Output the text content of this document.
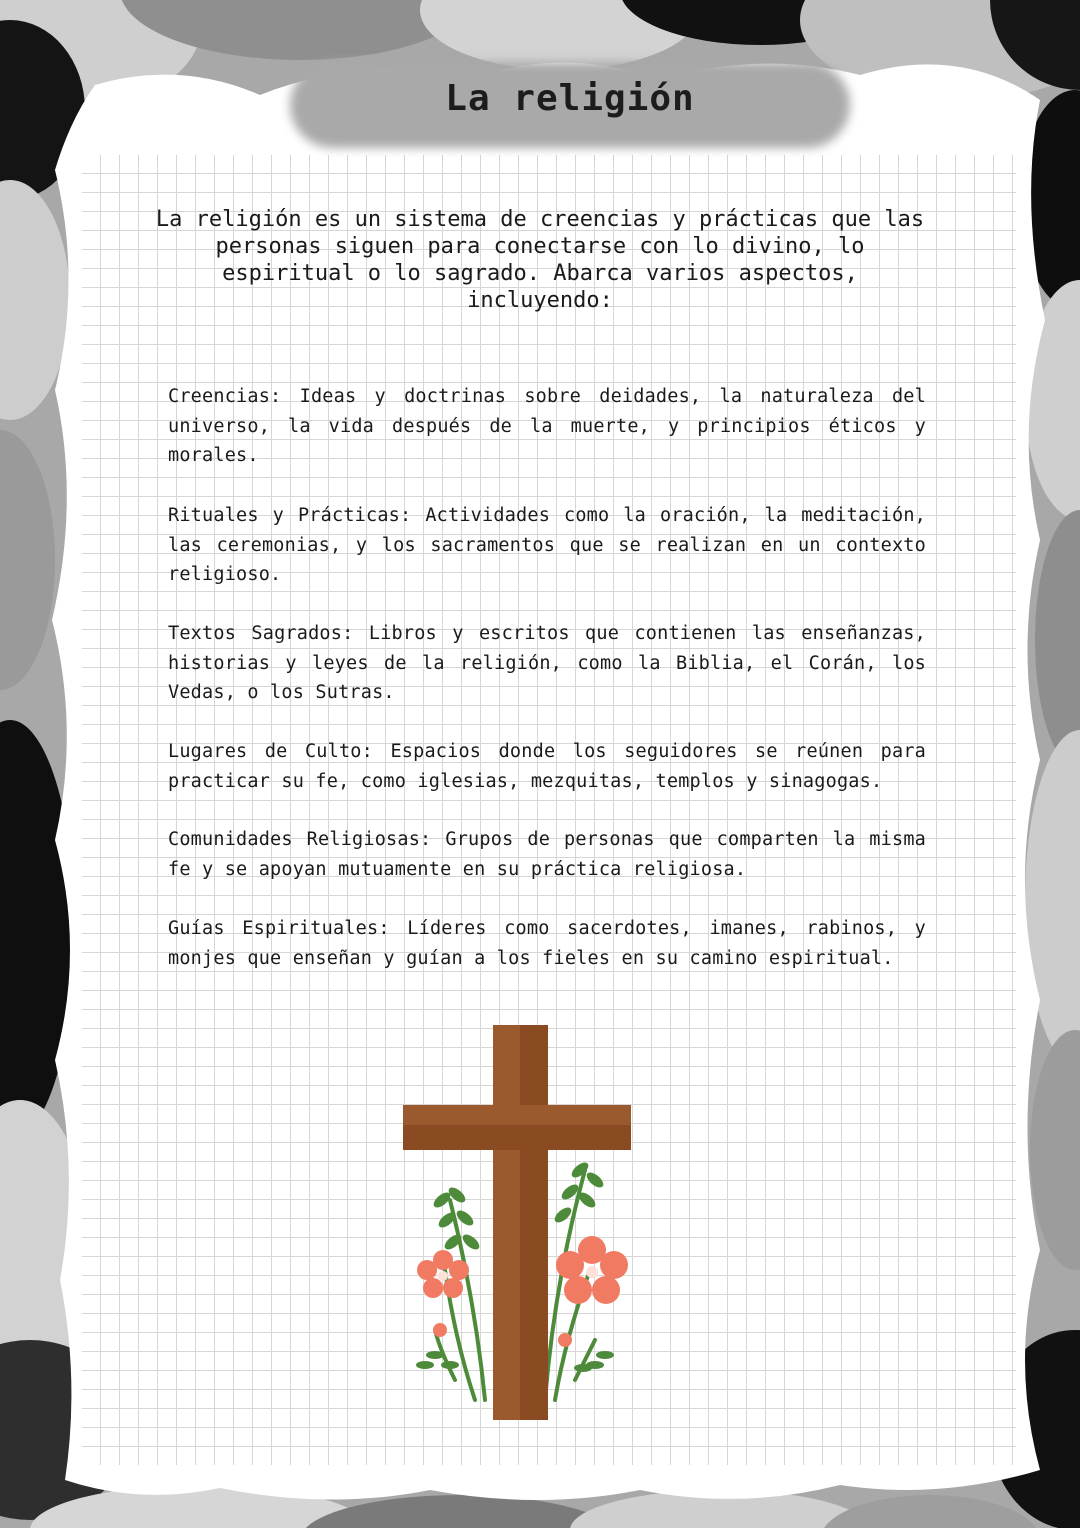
La religión

La religión es un sistema de creencias y prácticas que las personas siguen para conectarse con lo divino, lo espiritual o lo sagrado. Abarca varios aspectos, incluyendo:

Creencias: Ideas y doctrinas sobre deidades, la naturaleza del universo, la vida después de la muerte, y principios éticos y morales.

Rituales y Prácticas: Actividades como la oración, la meditación, las ceremonias, y los sacramentos que se realizan en un contexto religioso.

Textos Sagrados: Libros y escritos que contienen las enseñanzas, historias y leyes de la religión, como la Biblia, el Corán, los Vedas, o los Sutras.

Lugares de Culto: Espacios donde los seguidores se reúnen para practicar su fe, como iglesias, mezquitas, templos y sinagogas.

Comunidades Religiosas: Grupos de personas que comparten la misma fe y se apoyan mutuamente en su práctica religiosa.

Guías Espirituales: Líderes como sacerdotes, imanes, rabinos, y monjes que enseñan y guían a los fieles en su camino espiritual.
